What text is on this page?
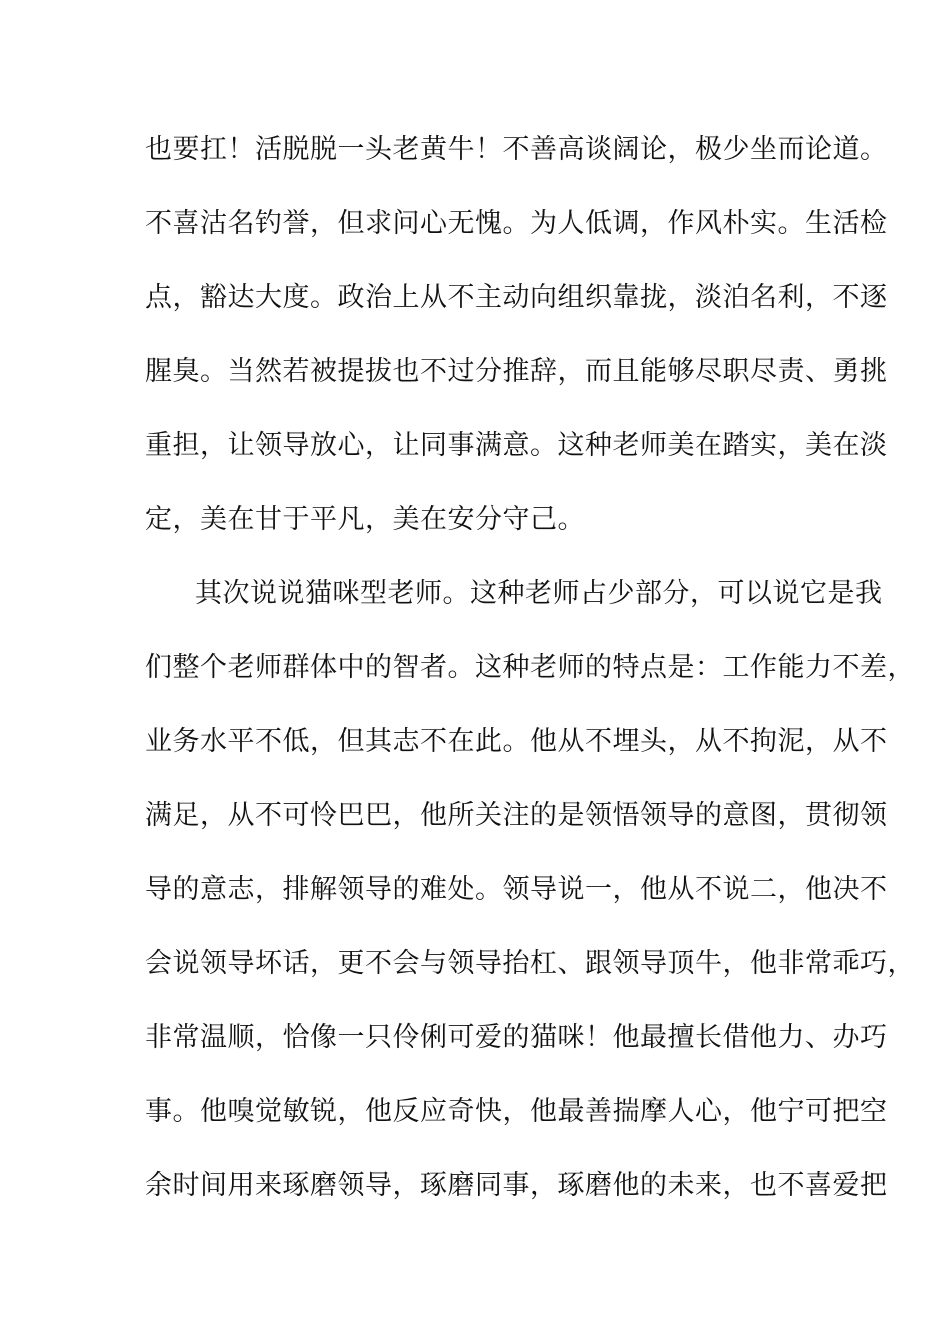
也要扛！活脱脱一头老黄牛！不善高谈阔论，极少坐而论道。
不喜沽名钓誉，但求问心无愧。为人低调，作风朴实。生活检
点，豁达大度。政治上从不主动向组织靠拢，淡泊名利，不逐
腥臭。当然若被提拔也不过分推辞，而且能够尽职尽责、勇挑
重担，让领导放心，让同事满意。这种老师美在踏实，美在淡
定，美在甘于平凡，美在安分守己。
其次说说猫咪型老师。这种老师占少部分，可以说它是我
们整个老师群体中的智者。这种老师的特点是：工作能力不差，
业务水平不低，但其志不在此。他从不埋头，从不拘泥，从不
满足，从不可怜巴巴，他所关注的是领悟领导的意图，贯彻领
导的意志，排解领导的难处。领导说一，他从不说二，他决不
会说领导坏话，更不会与领导抬杠、跟领导顶牛，他非常乖巧，
非常温顺，恰像一只伶俐可爱的猫咪！他最擅长借他力、办巧
事。他嗅觉敏锐，他反应奇快，他最善揣摩人心，他宁可把空
余时间用来琢磨领导，琢磨同事，琢磨他的未来，也不喜爱把
